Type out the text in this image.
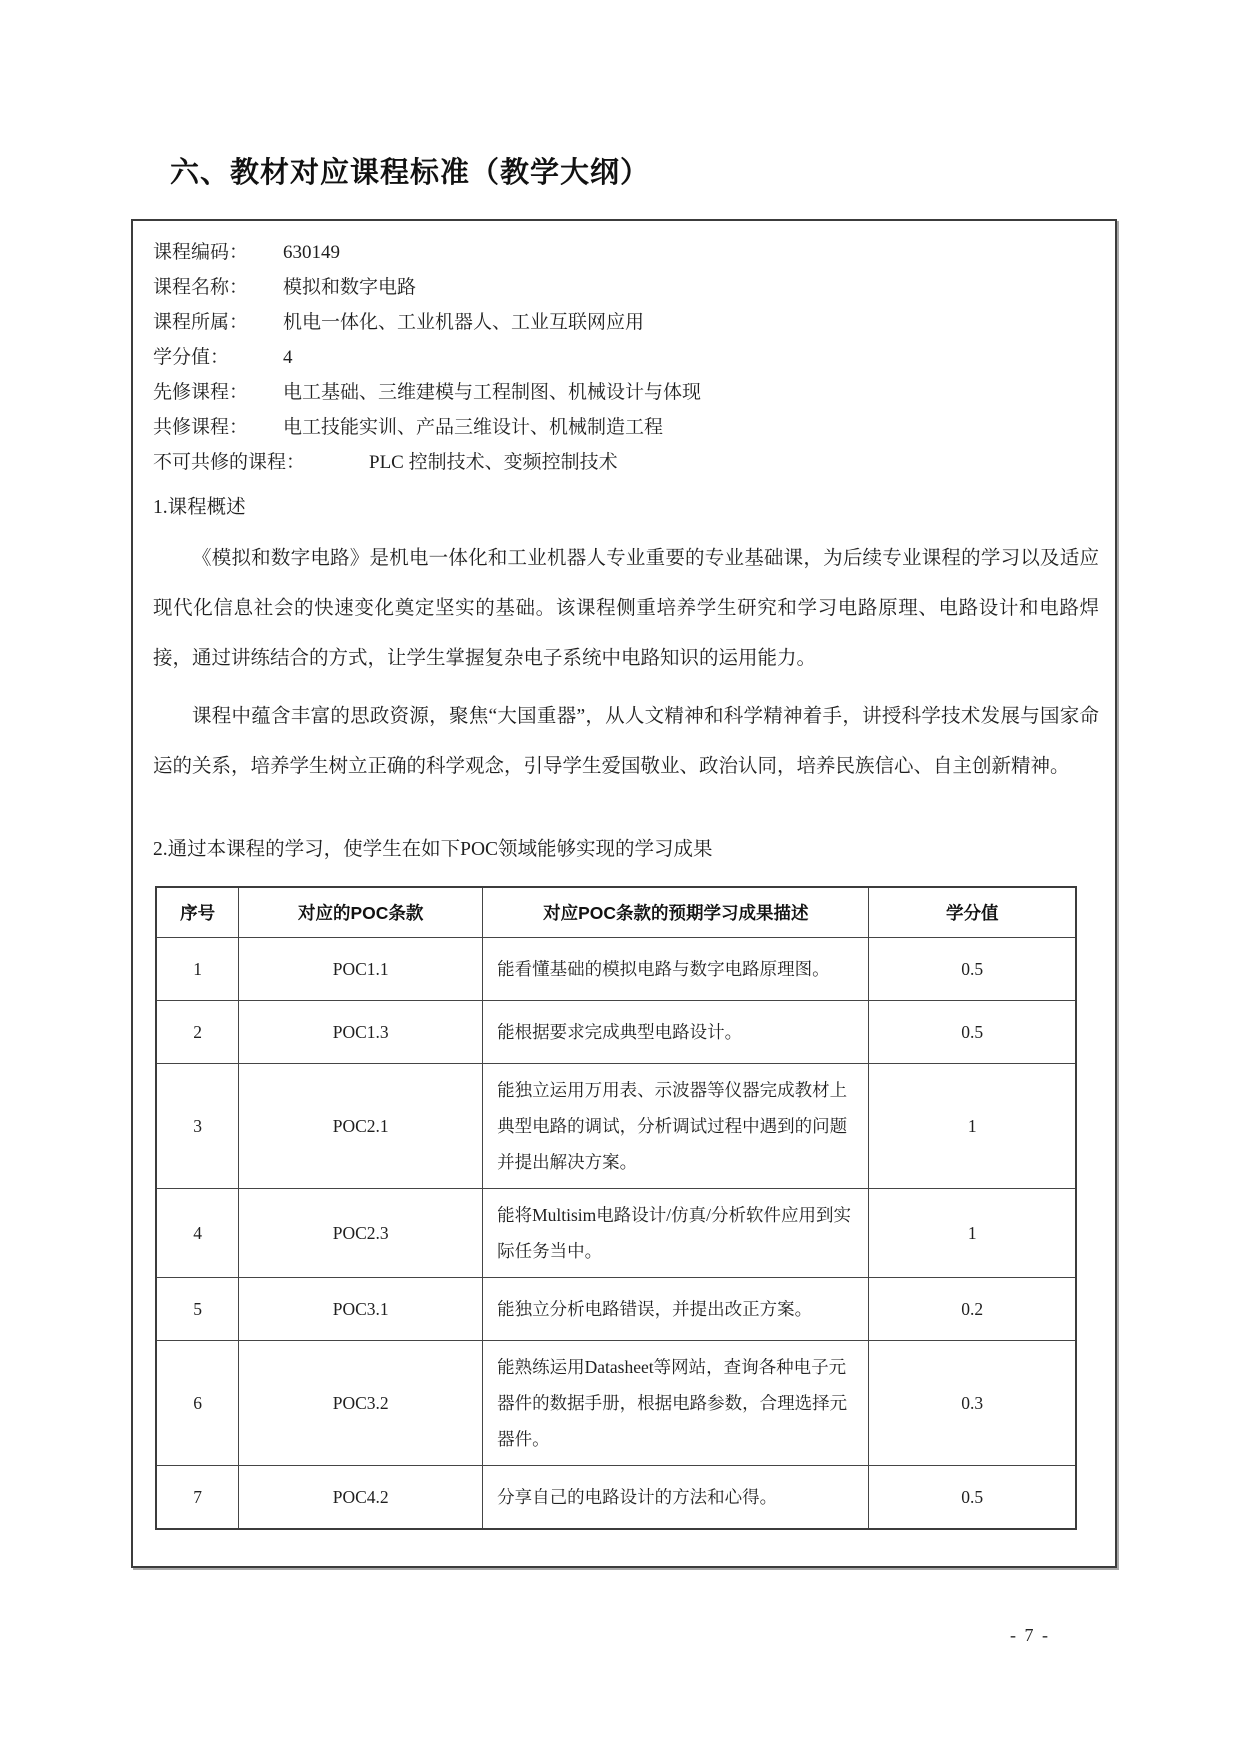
六、教材对应课程标准（教学大纲）
课程编码：	630149
课程名称：	模拟和数字电路
课程所属：	机电一体化、工业机器人、工业互联网应用
学分值：	4
先修课程：	电工基础、三维建模与工程制图、机械设计与体现
共修课程：	电工技能实训、产品三维设计、机械制造工程
不可共修的课程：	PLC 控制技术、变频控制技术
1.课程概述

《模拟和数字电路》是机电一体化和工业机器人专业重要的专业基础课，为后续专业课程的学习以及适应现代化信息社会的快速变化奠定坚实的基础。该课程侧重培养学生研究和学习电路原理、电路设计和电路焊接，通过讲练结合的方式，让学生掌握复杂电子系统中电路知识的运用能力。

课程中蕴含丰富的思政资源，聚焦“大国重器”，从人文精神和科学精神着手，讲授科学技术发展与国家命运的关系，培养学生树立正确的科学观念，引导学生爱国敬业、政治认同，培养民族信心、自主创新精神。

2.通过本课程的学习，使学生在如下POC领域能够实现的学习成果
序号	对应的POC条款	对应POC条款的预期学习成果描述	学分值
1	POC1.1	能看懂基础的模拟电路与数字电路原理图。	0.5
2	POC1.3	能根据要求完成典型电路设计。	0.5
3	POC2.1	能独立运用万用表、示波器等仪器完成教材上典型电路的调试，分析调试过程中遇到的问题并提出解决方案。	1
4	POC2.3	能将Multisim电路设计/仿真/分析软件应用到实际任务当中。	1
5	POC3.1	能独立分析电路错误，并提出改正方案。	0.2
6	POC3.2	能熟练运用Datasheet等网站，查询各种电子元器件的数据手册，根据电路参数，合理选择元器件。	0.3
7	POC4.2	分享自己的电路设计的方法和心得。	0.5
- 7 -
